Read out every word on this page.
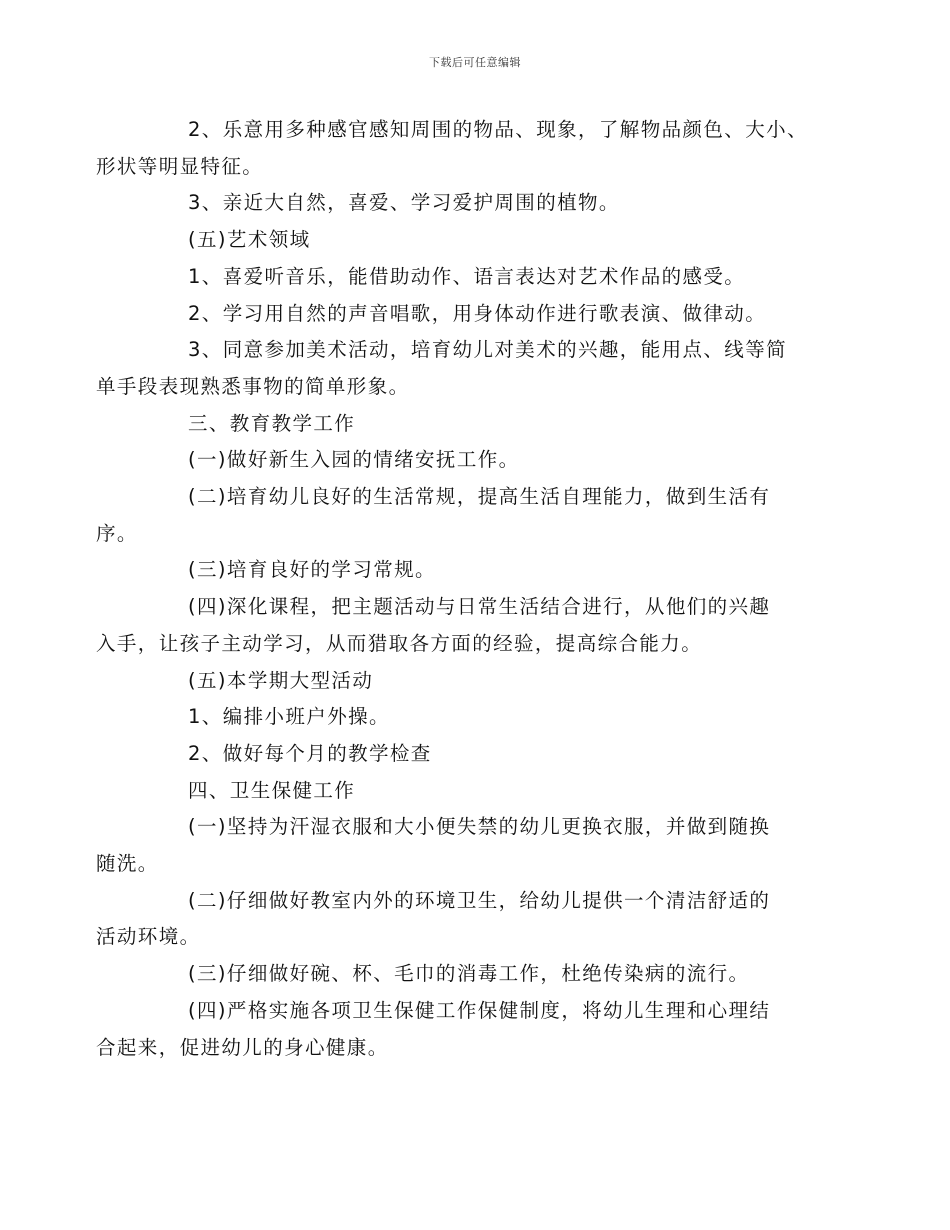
下载后可任意编辑

2、乐意用多种感官感知周围的物品、现象，了解物品颜色、大小、
形状等明显特征。

3、亲近大自然，喜爱、学习爱护周围的植物。

(五)艺术领域

1、喜爱听音乐，能借助动作、语言表达对艺术作品的感受。

2、学习用自然的声音唱歌，用身体动作进行歌表演、做律动。

3、同意参加美术活动，培育幼儿对美术的兴趣，能用点、线等简
单手段表现熟悉事物的简单形象。

三、教育教学工作

(一)做好新生入园的情绪安抚工作。

(二)培育幼儿良好的生活常规，提高生活自理能力，做到生活有
序。

(三)培育良好的学习常规。

(四)深化课程，把主题活动与日常生活结合进行，从他们的兴趣
入手，让孩子主动学习，从而猎取各方面的经验，提高综合能力。

(五)本学期大型活动

1、编排小班户外操。

2、做好每个月的教学检查

四、卫生保健工作

(一)坚持为汗湿衣服和大小便失禁的幼儿更换衣服，并做到随换
随洗。

(二)仔细做好教室内外的环境卫生，给幼儿提供一个清洁舒适的
活动环境。

(三)仔细做好碗、杯、毛巾的消毒工作，杜绝传染病的流行。

(四)严格实施各项卫生保健工作保健制度，将幼儿生理和心理结
合起来，促进幼儿的身心健康。
